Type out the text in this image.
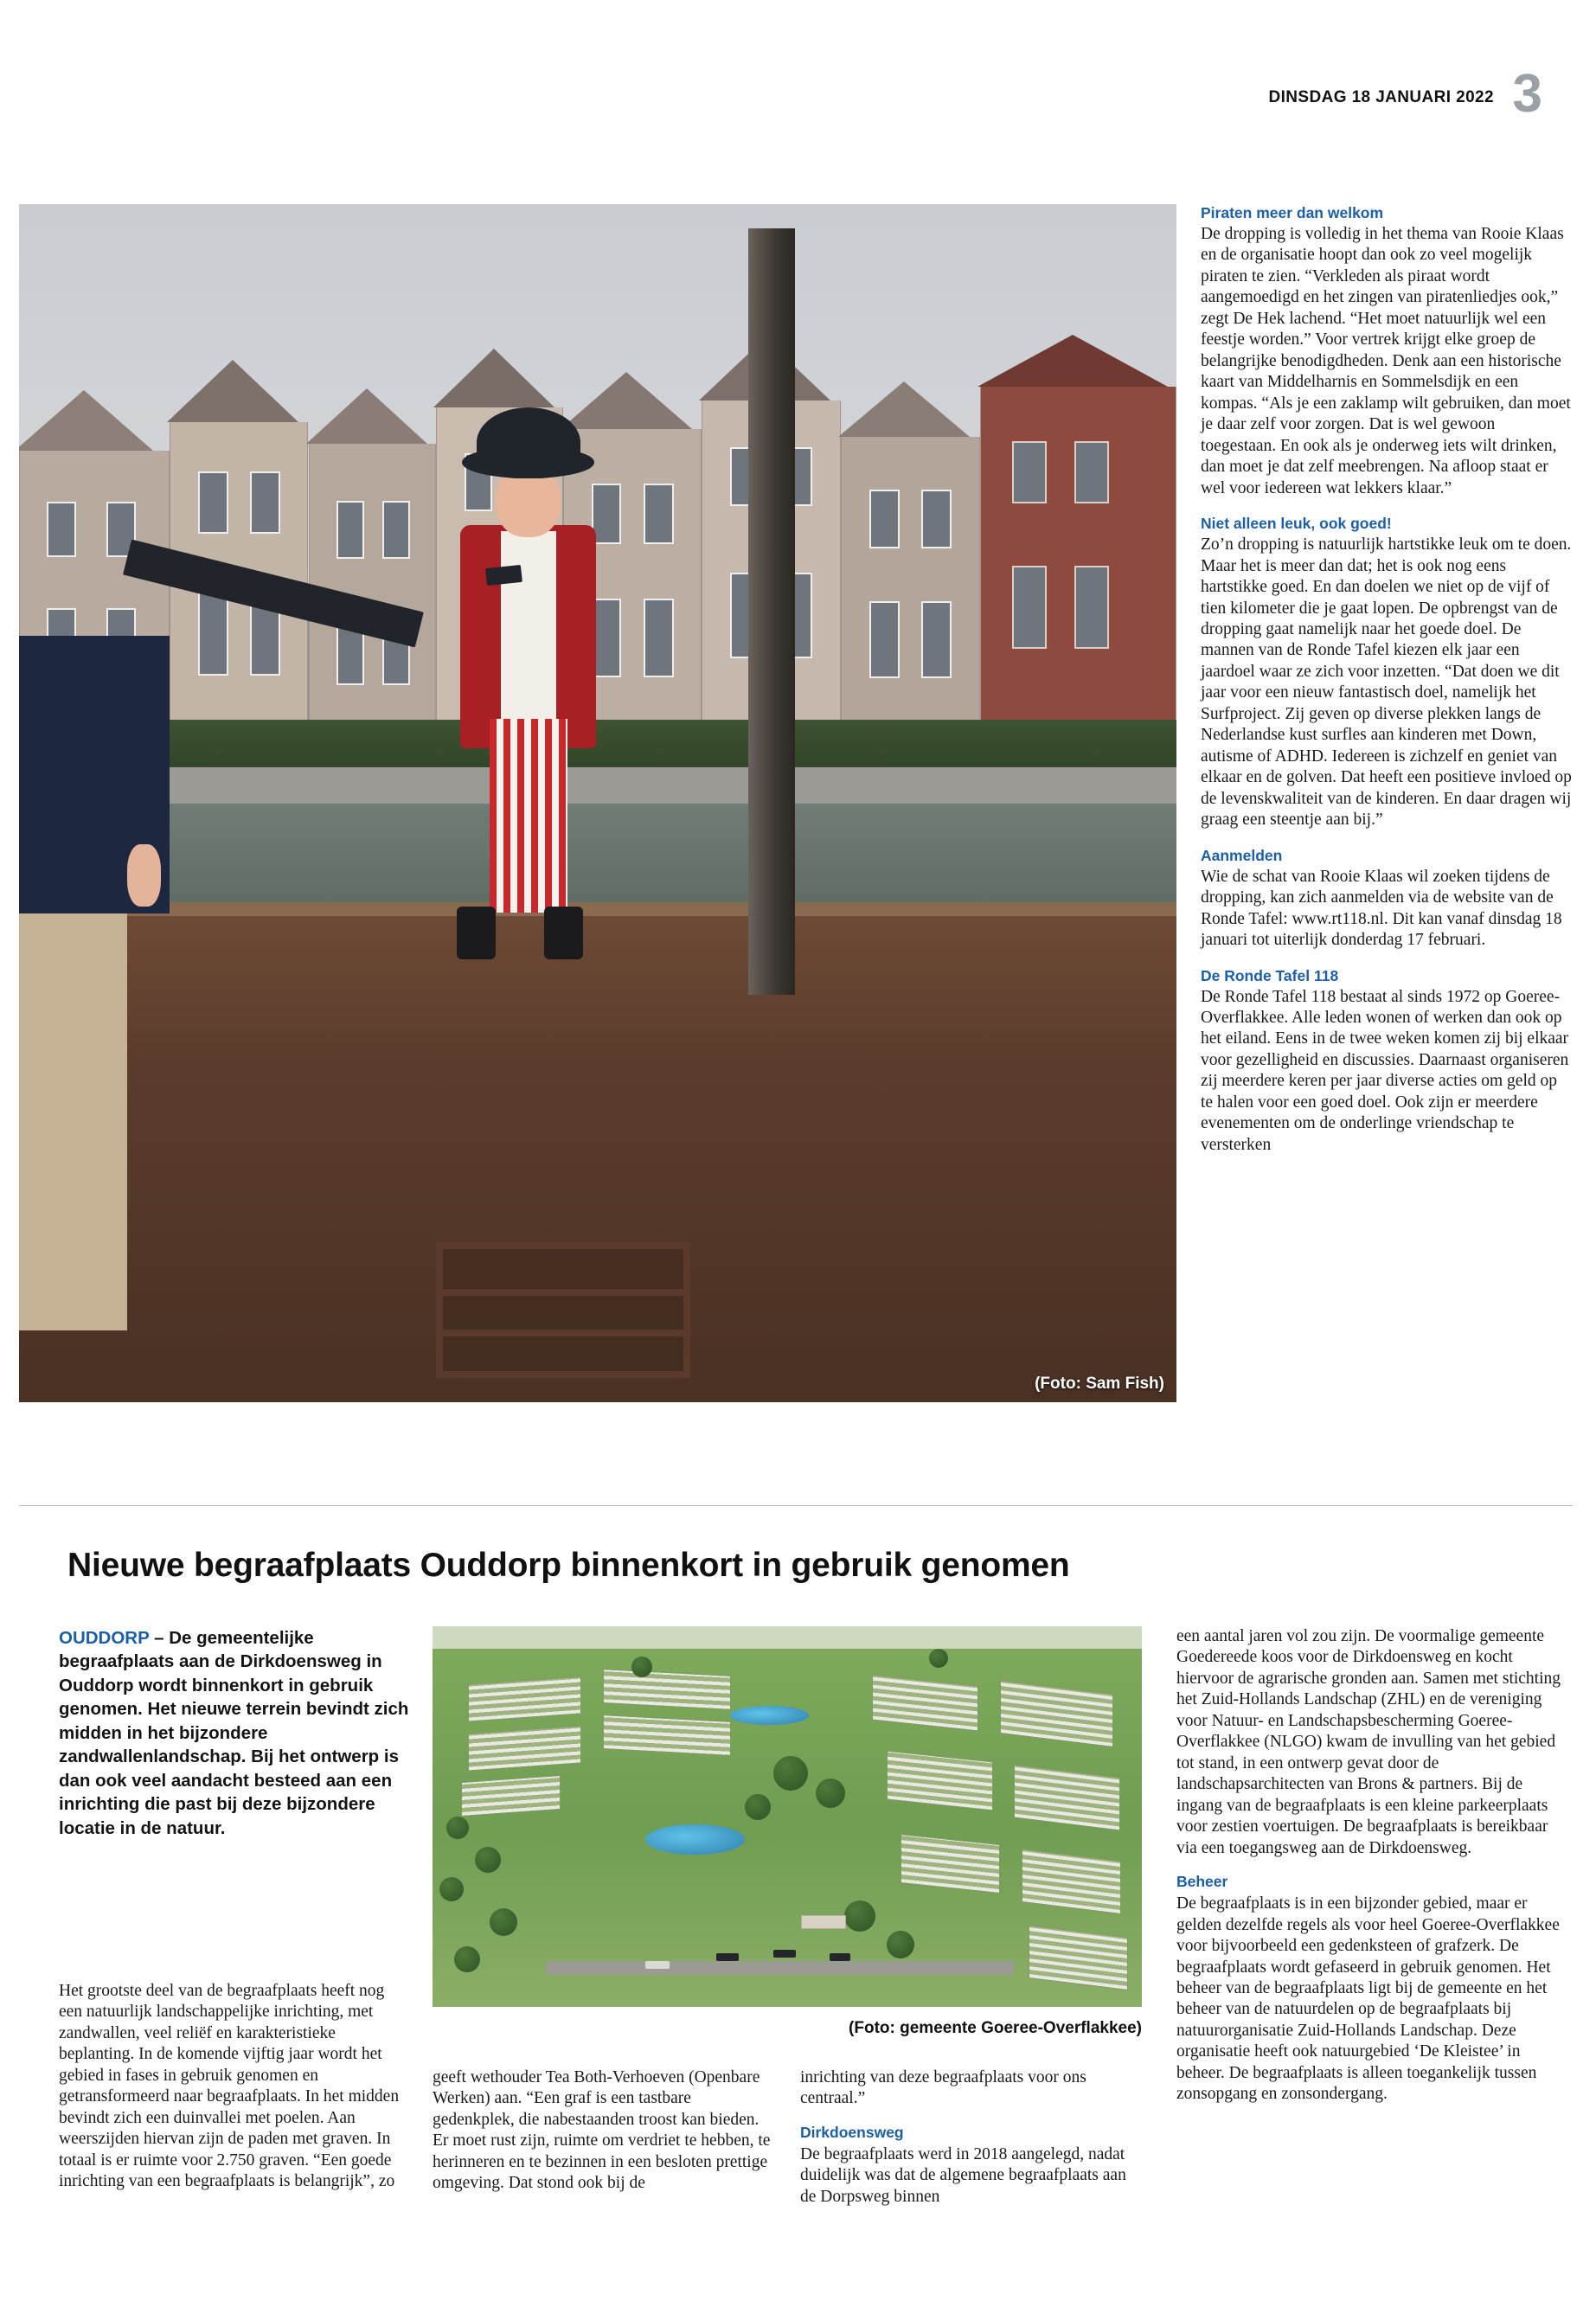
DINSDAG 18 JANUARI 2022 3
(Foto: Sam Fish)
Piraten meer dan welkom

De dropping is volledig in het thema van Rooie Klaas en de organisatie hoopt dan ook zo veel mogelijk piraten te zien. “Verkleden als piraat wordt aangemoedigd en het zingen van piratenliedjes ook,” zegt De Hek lachend. “Het moet natuurlijk wel een feestje worden.” Voor vertrek krijgt elke groep de belangrijke benodigdheden. Denk aan een historische kaart van Middelharnis en Sommelsdijk en een kompas. “Als je een zaklamp wilt gebruiken, dan moet je daar zelf voor zorgen. Dat is wel gewoon toegestaan. En ook als je onderweg iets wilt drinken, dan moet je dat zelf meebrengen. Na afloop staat er wel voor iedereen wat lekkers klaar.”

Niet alleen leuk, ook goed!

Zo’n dropping is natuurlijk hartstikke leuk om te doen. Maar het is meer dan dat; het is ook nog eens hartstikke goed. En dan doelen we niet op de vijf of tien kilometer die je gaat lopen. De opbrengst van de dropping gaat namelijk naar het goede doel. De mannen van de Ronde Tafel kiezen elk jaar een jaardoel waar ze zich voor inzetten. “Dat doen we dit jaar voor een nieuw fantastisch doel, namelijk het Surfproject. Zij geven op diverse plekken langs de Nederlandse kust surfles aan kinderen met Down, autisme of ADHD. Iedereen is zichzelf en geniet van elkaar en de golven. Dat heeft een positieve invloed op de levenskwaliteit van de kinderen. En daar dragen wij graag een steentje aan bij.”

Aanmelden

Wie de schat van Rooie Klaas wil zoeken tijdens de dropping, kan zich aanmelden via de website van de Ronde Tafel: www.rt118.nl. Dit kan vanaf dinsdag 18 januari tot uiterlijk donderdag 17 februari.

De Ronde Tafel 118

De Ronde Tafel 118 bestaat al sinds 1972 op Goeree-Overflakkee. Alle leden wonen of werken dan ook op het eiland. Eens in de twee weken komen zij bij elkaar voor gezelligheid en discussies. Daarnaast organiseren zij meerdere keren per jaar diverse acties om geld op te halen voor een goed doel. Ook zijn er meerdere evenementen om de onderlinge vriendschap te versterken

Nieuwe begraafplaats Ouddorp binnenkort in gebruik genomen
OUDDORP – De gemeentelijke begraafplaats aan de Dirkdoensweg in Ouddorp wordt binnenkort in gebruik genomen. Het nieuwe terrein bevindt zich midden in het bijzondere zandwallenlandschap. Bij het ontwerp is dan ook veel aandacht besteed aan een inrichting die past bij deze bijzondere locatie in de natuur.
(Foto: gemeente Goeree-Overflakkee)

Het grootste deel van de begraafplaats heeft nog een natuurlijk landschappelijke inrichting, met zandwallen, veel reliëf en karakteristieke beplanting. In de komende vijftig jaar wordt het gebied in fases in gebruik genomen en getransformeerd naar begraafplaats. In het midden bevindt zich een duinvallei met poelen. Aan weerszijden hiervan zijn de paden met graven. In totaal is er ruimte voor 2.750 graven. “Een goede inrichting van een begraafplaats is belangrijk”, zo

geeft wethouder Tea Both-Verhoeven (Openbare Werken) aan. “Een graf is een tastbare gedenkplek, die nabestaanden troost kan bieden. Er moet rust zijn, ruimte om verdriet te hebben, te herinneren en te bezinnen in een besloten prettige omgeving. Dat stond ook bij de

inrichting van deze begraafplaats voor ons centraal.”

Dirkdoensweg

De begraafplaats werd in 2018 aangelegd, nadat duidelijk was dat de algemene begraafplaats aan de Dorpsweg binnen

een aantal jaren vol zou zijn. De voormalige gemeente Goedereede koos voor de Dirkdoensweg en kocht hiervoor de agrarische gronden aan. Samen met stichting het Zuid-Hollands Landschap (ZHL) en de vereniging voor Natuur- en Landschapsbescherming Goeree-Overflakkee (NLGO) kwam de invulling van het gebied tot stand, in een ontwerp gevat door de landschapsarchitecten van Brons & partners. Bij de ingang van de begraafplaats is een kleine parkeerplaats voor zestien voertuigen. De begraafplaats is bereikbaar via een toegangsweg aan de Dirkdoensweg.

Beheer

De begraafplaats is in een bijzonder gebied, maar er gelden dezelfde regels als voor heel Goeree-Overflakkee voor bijvoorbeeld een gedenksteen of grafzerk. De begraafplaats wordt gefaseerd in gebruik genomen. Het beheer van de begraafplaats ligt bij de gemeente en het beheer van de natuurdelen op de begraafplaats bij natuurorganisatie Zuid-Hollands Landschap. Deze organisatie heeft ook natuurgebied ‘De Kleistee’ in beheer. De begraafplaats is alleen toegankelijk tussen zonsopgang en zonsondergang.
